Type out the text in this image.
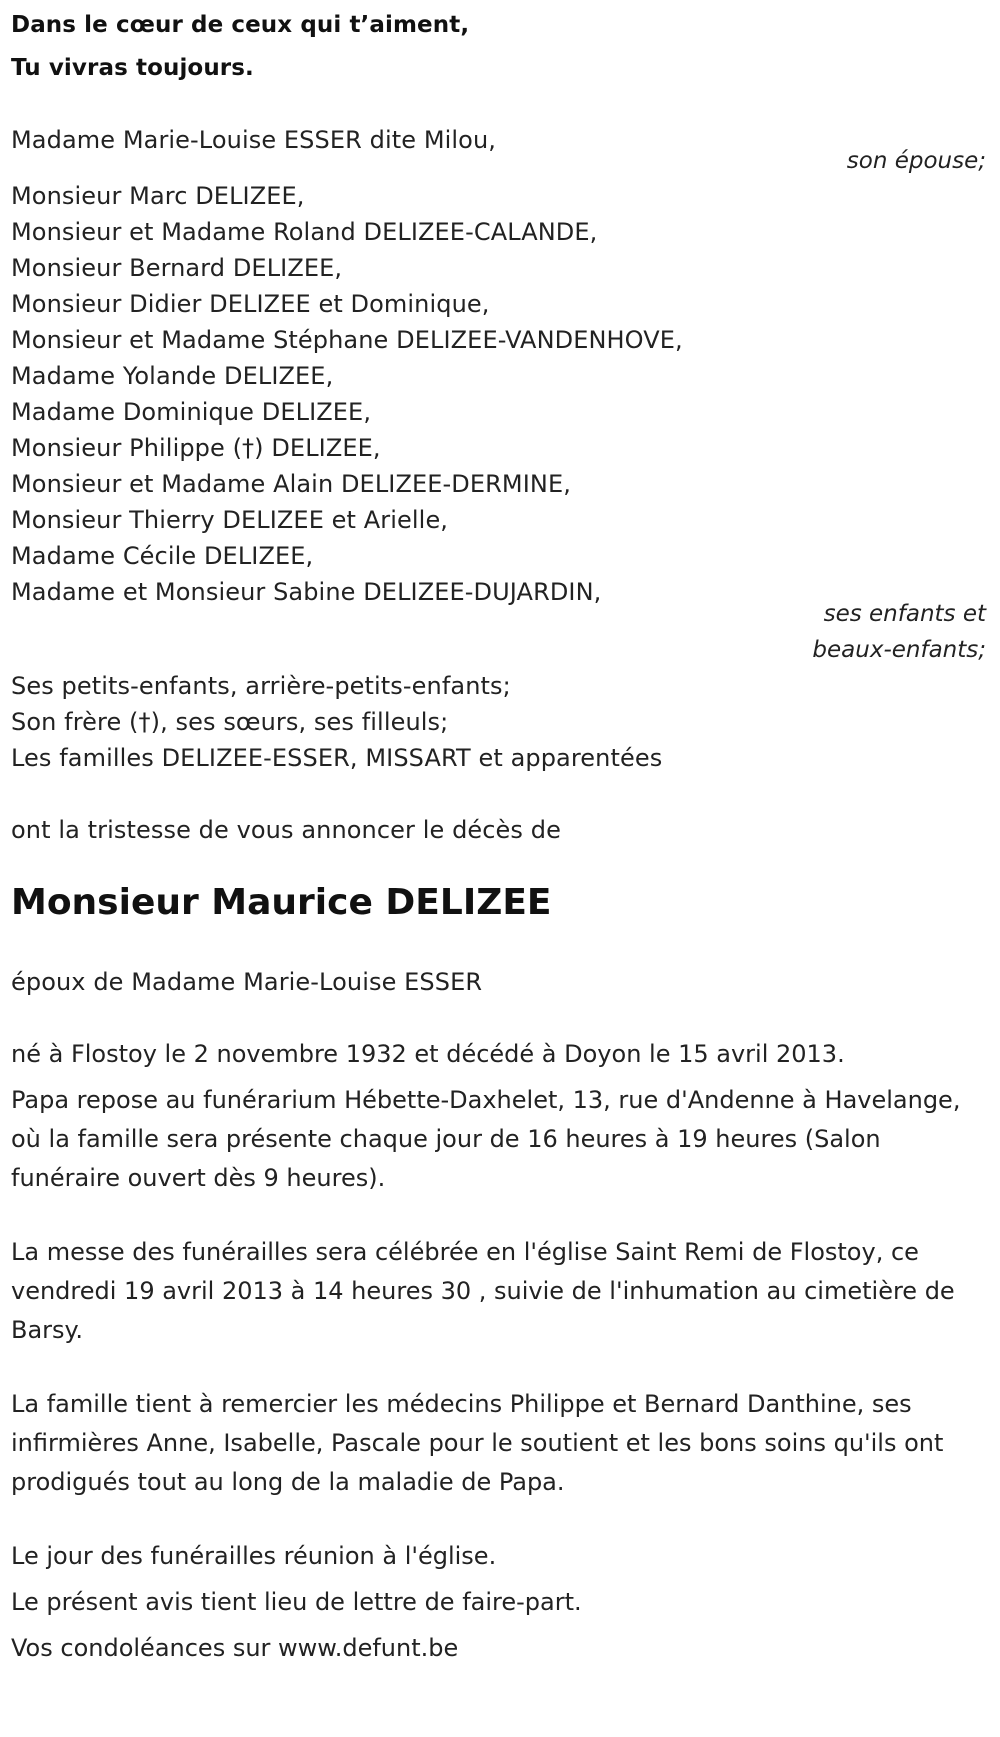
Dans le cœur de ceux qui t’aiment,
Tu vivras toujours.
Madame Marie-Louise ESSER dite Milou,
son épouse;
Monsieur Marc DELIZEE,
Monsieur et Madame Roland DELIZEE-CALANDE,
Monsieur Bernard DELIZEE,
Monsieur Didier DELIZEE et Dominique,
Monsieur et Madame Stéphane DELIZEE-VANDENHOVE,
Madame Yolande DELIZEE,
Madame Dominique DELIZEE,
Monsieur Philippe (†) DELIZEE,
Monsieur et Madame Alain DELIZEE-DERMINE,
Monsieur Thierry DELIZEE et Arielle,
Madame Cécile DELIZEE,
Madame et Monsieur Sabine DELIZEE-DUJARDIN,
ses enfants et
beaux-enfants;
Ses petits-enfants, arrière-petits-enfants;
Son frère (†), ses sœurs, ses filleuls;
Les familles DELIZEE-ESSER, MISSART et apparentées
ont la tristesse de vous annoncer le décès de
Monsieur Maurice DELIZEE
époux de Madame Marie-Louise ESSER
né à Flostoy le 2 novembre 1932 et décédé à Doyon le 15 avril 2013.
Papa repose au funérarium Hébette-Daxhelet, 13, rue d'Andenne à Havelange, où la famille sera présente chaque jour de 16 heures à 19 heures (Salon funéraire ouvert dès 9 heures).
La messe des funérailles sera célébrée en l'église Saint Remi de Flostoy, ce vendredi 19 avril 2013 à 14 heures 30 , suivie de l'inhumation au cimetière de Barsy.
La famille tient à remercier les médecins Philippe et Bernard Danthine, ses infirmières Anne, Isabelle, Pascale pour le soutient et les bons soins qu'ils ont prodigués tout au long de la maladie de Papa.
Le jour des funérailles réunion à l'église.
Le présent avis tient lieu de lettre de faire-part.
Vos condoléances sur www.defunt.be
